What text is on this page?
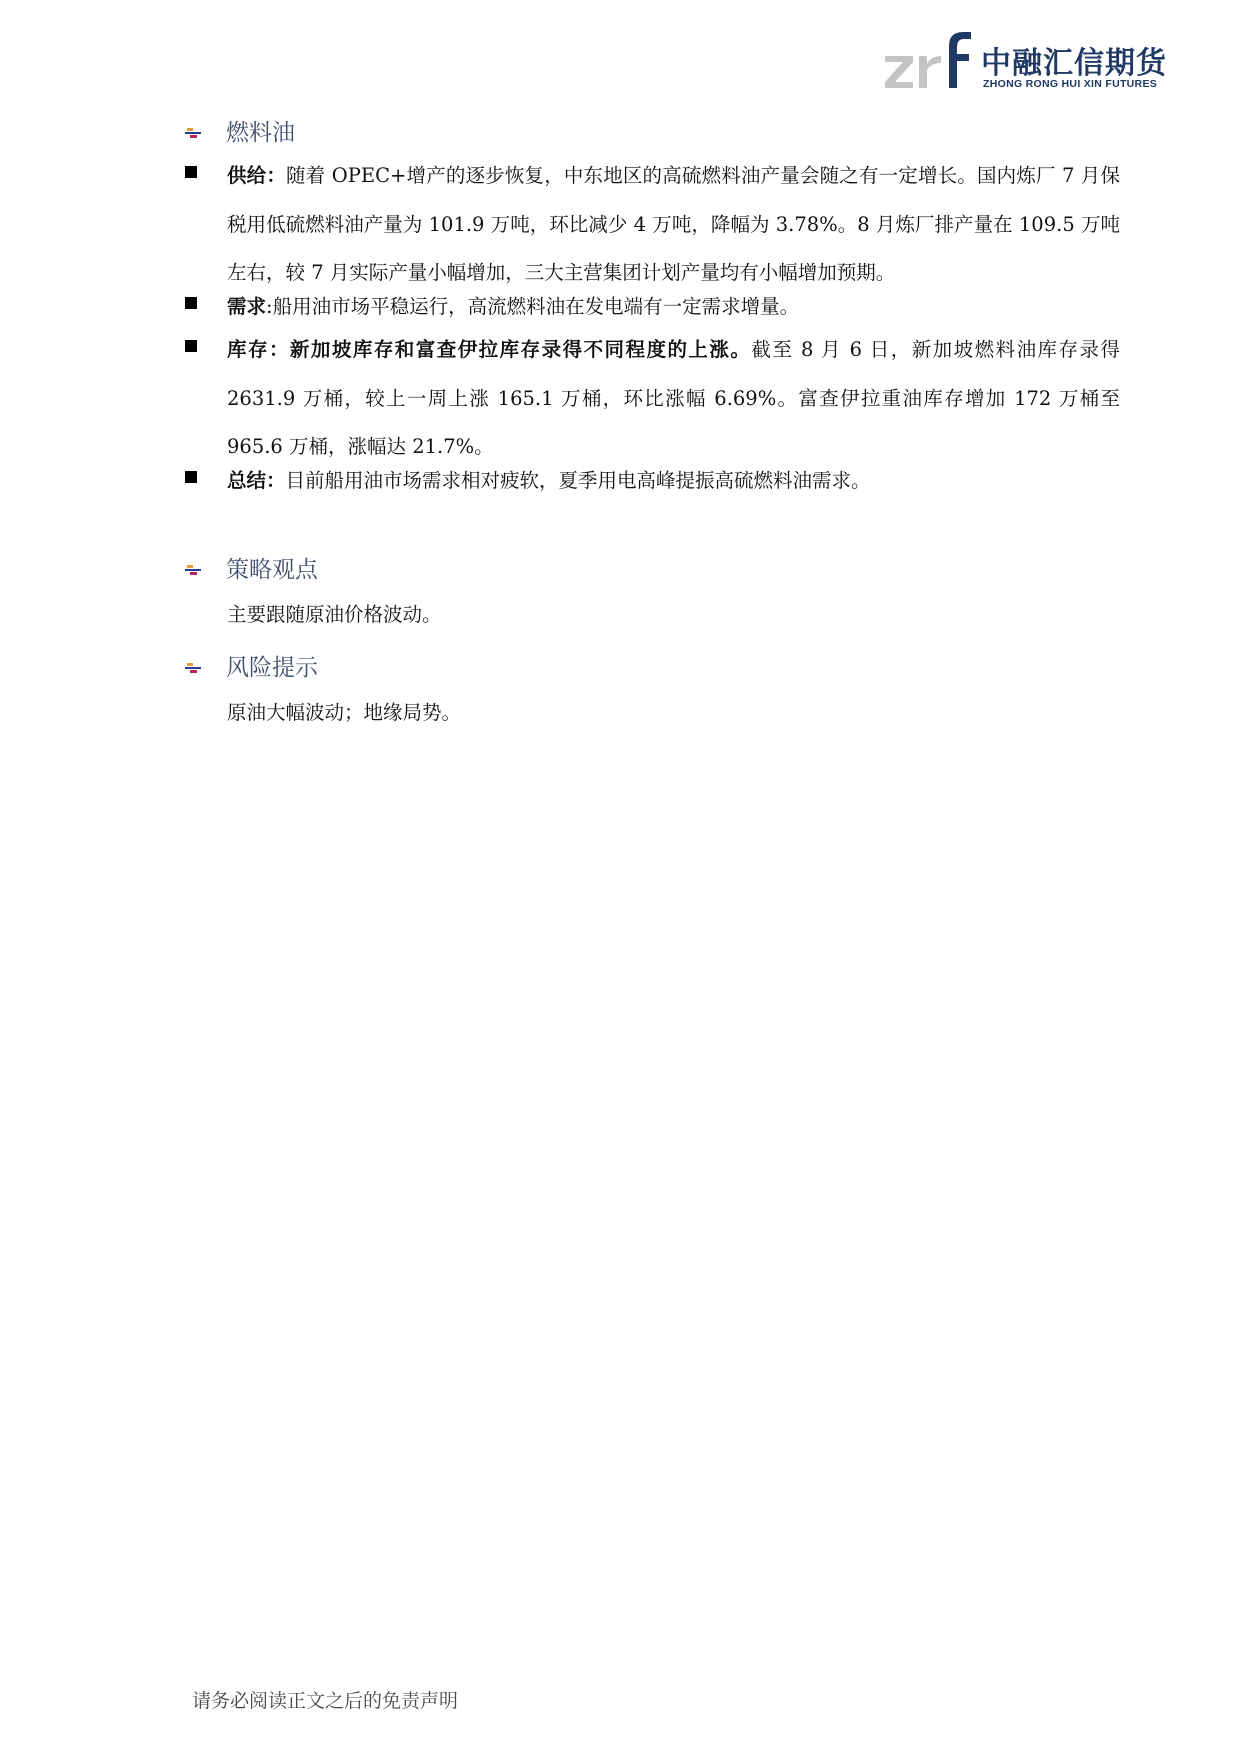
中融汇信期货
ZHONG RONG HUI XIN FUTURES
燃料油
供给：随着 OPEC+增产的逐步恢复，中东地区的高硫燃料油产量会随之有一定增长。国内炼厂 7 月保税用低硫燃料油产量为 101.9 万吨，环比减少 4 万吨，降幅为 3.78%。8 月炼厂排产量在 109.5 万吨左右，较 7 月实际产量小幅增加，三大主营集团计划产量均有小幅增加预期。
需求:船用油市场平稳运行，高流燃料油在发电端有一定需求增量。
库存：新加坡库存和富查伊拉库存录得不同程度的上涨。截至 8 月 6 日，新加坡燃料油库存录得 2631.9 万桶，较上一周上涨 165.1 万桶，环比涨幅 6.69%。富查伊拉重油库存增加 172 万桶至 965.6 万桶，涨幅达 21.7%。
总结：目前船用油市场需求相对疲软，夏季用电高峰提振高硫燃料油需求。
策略观点
主要跟随原油价格波动。
风险提示
原油大幅波动；地缘局势。
请务必阅读正文之后的免责声明
